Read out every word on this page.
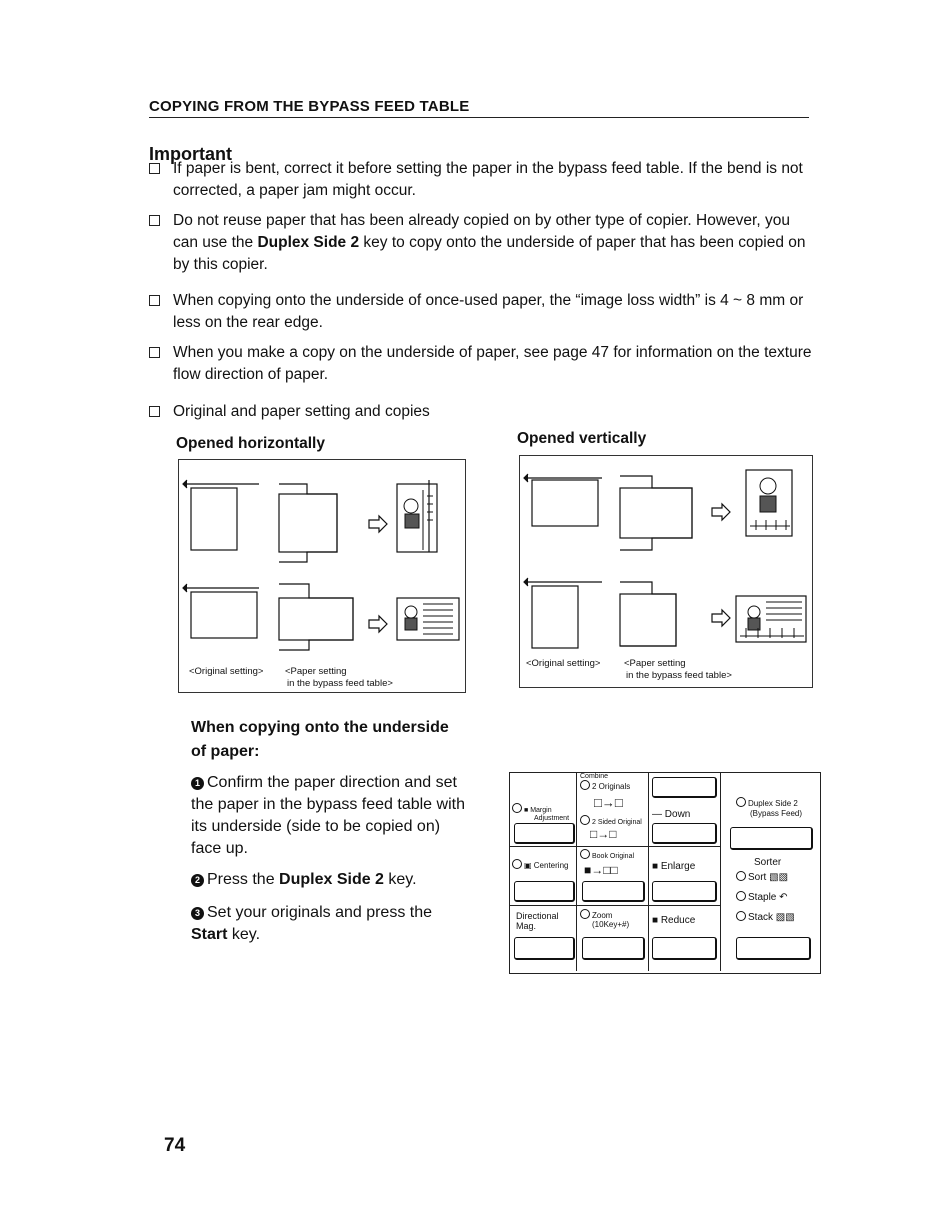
COPYING FROM THE BYPASS FEED TABLE
Important
If paper is bent, correct it before setting the paper in the bypass feed table. If the bend is not corrected, a paper jam might occur.
Do not reuse paper that has been already copied on by other type of copier. However, you can use the Duplex Side 2 key to copy onto the underside of paper that has been copied on by this copier.
When copying onto the underside of once-used paper, the “image loss width” is 4 ~ 8 mm or less on the rear edge.
When you make a copy on the underside of paper, see page 47 for information on the texture flow direction of paper.
Original and paper setting and copies
Opened horizontally	Opened vertically
<Original setting> <Paper setting
in the bypass feed table>
<Original setting> <Paper setting
in the bypass feed table>
When copying onto the underside
of paper:
1 Confirm the paper direction and set the paper in the bypass feed table with its underside (side to be copied on) face up.
2 Press the Duplex Side 2 key.
3 Set your originals and press the Start key.
Combine
2 Originals
□→□
■ Margin
Adjustment
2 Sided Original
— Down
□→□
Book Original
▣ Centering ■→□□	■ Enlarge
Directional
Mag.
Zoom
(10Key+#) ■ Reduce
Duplex Side 2
(Bypass Feed)
Sorter
Sort ▧▧
Staple ↶
Stack ▧▧
74
